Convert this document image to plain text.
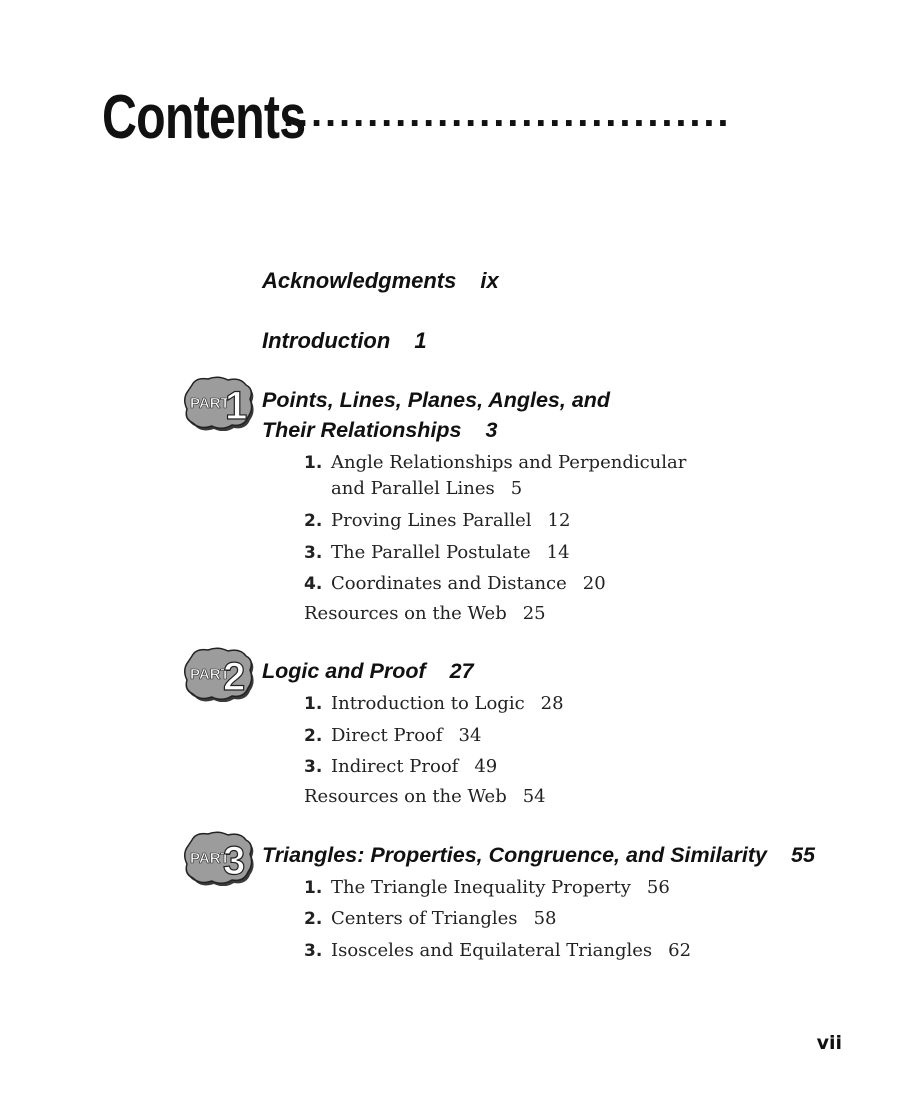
Contents
................................
Acknowledgments ix
Introduction 1
PART
1 Points, Lines, Planes, Angles, and
Their Relationships 3
1. Angle Relationships and Perpendicular
and Parallel Lines 5
2. Proving Lines Parallel 12
3. The Parallel Postulate 14
4. Coordinates and Distance 20
Resources on the Web 25
PART
2 Logic and Proof 27
1. Introduction to Logic 28
2. Direct Proof 34
3. Indirect Proof 49
Resources on the Web 54
PART
3 Triangles: Properties, Congruence, and Similarity 55
1. The Triangle Inequality Property 56
2. Centers of Triangles 58
3. Isosceles and Equilateral Triangles 62
vii
